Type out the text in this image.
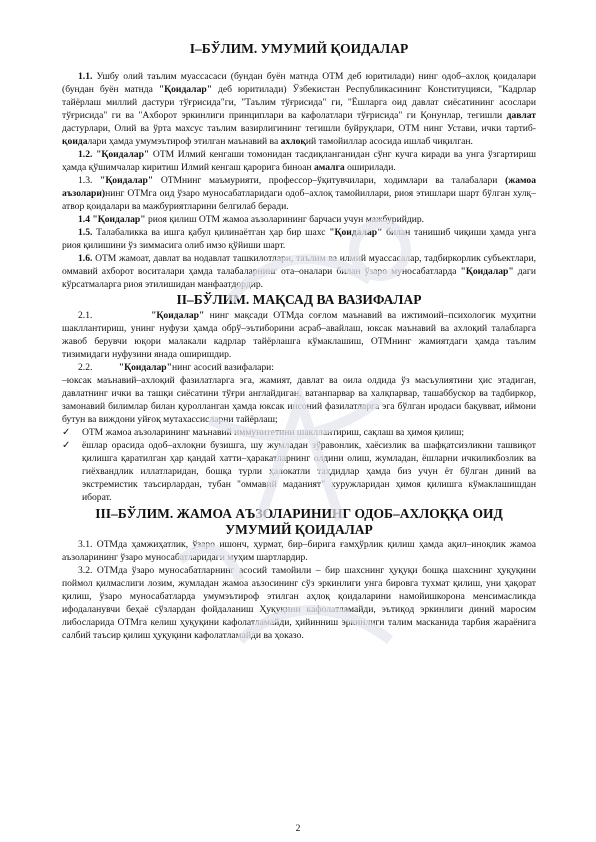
I–БЎЛИМ. УМУМИЙ ҚОИДАЛАР

1.1. Ушбу олий таълим муассасаси (бундан буён матнда ОТМ деб юритилади) нинг одоб–ахлоқ қоидалари (бундан буён матнда "Қоидалар" деб юритилади) Ўзбекистан Республикасининг Конституцияси, "Кадрлар тайёрлаш миллий дастури тўғрисида"ги, "Таълим тўғрисида" ги, "Ёшларга оид давлат сиёсатининг асослари тўғрисида" ги ва "Ахборот эркинлиги принциплари ва кафолатлари тўғрисида" ги Қонунлар, тегишли давлат дастурлари, Олий ва ўрта махсус таълим вазирлигининг тегишли буйруқлари, ОТМ нинг Устави, ички тартиб-қоидалари ҳамда умумэътироф этилган маънавий ва ахлоқий тамойиллар асосида ишлаб чиқилган.

1.2. "Қоидалар" ОТМ Илмий кенгаши томонидан тасдиқланганидан сўнг кучга киради ва унга ўзгартириш ҳамда қўшимчалар киритиш Илмий кенгаш қарорига биноан амалга оширилади.

1.3. "Қоидалар" ОТМнинг маъмурияти, профессор–ўқитувчилари, ходимлари ва талабалари (жамоа аъзолари)нинг ОТМга оид ўзаро муносабатларидаги одоб–ахлоқ тамойиллари, риоя этишлари шарт бўлган хулқ–атвор қоидалари ва мажбуриятларини белгилаб беради.

1.4 "Қоидалар" риоя қилиш ОТМ жамоа аъзоларининг барчаси учун мажбурийдир.

1.5. Талабаликка ва ишга қабул қилинаётган ҳар бир шахс "Қоидалар" билан танишиб чиқиши ҳамда унга риоя қилишини ўз зиммасига олиб имзо қўйиши шарт.

1.6. ОТМ жамоат, давлат ва нодавлат ташкилотлари, таълим ва илмий муассасалар, тадбиркорлик субъектлари, оммавий ахборот воситалари ҳамда талабаларнинг ота–оналари билан ўзаро муносабатларда "Қоидалар" даги кўрсатмаларга риоя этилишидан манфаатдордир.

II–БЎЛИМ. МАҚСАД ВА ВАЗИФАЛАР

2.1.	"Қоидалар" нинг мақсади ОТМда соғлом маънавий ва ижтимоий–психологик муҳитни шакллантириш, унинг нуфузи ҳамда обрў–эътиборини асраб–авайлаш, юксак маънавий ва ахлоқий талабларга жавоб берувчи юқори малакали кадрлар тайёрлашга кўмаклашиш, ОТМнинг жамиятдаги ҳамда таълим тизимидаги нуфузини янада оширишдир.

2.2.	"Қоидалар"нинг асосий вазифалари:

–юксак маънавий–ахлоқий фазилатларга эга, жамият, давлат ва оила олдида ўз масъулиятини ҳис этадиган, давлатнинг ички ва ташқи сиёсатини тўғри англайдиган, ватанпарвар ва халқпарвар, ташаббускор ва тадбиркор, замонавий билимлар билан қуролланган ҳамда юксак инсоний фазилатларга эга бўлган иродаси бақувват, иймони бутун ва виждони уйғоқ мутахассисларни тайёрлаш;

✓	ОТМ жамоа аъзоларининг маънавий иммунитетини шакллантириш, сақлаш ва ҳимоя қилиш;
✓	ёшлар орасида одоб–ахлоқни бузишга, шу жумладан зўравонлик, хаёсизлик ва шафқатсизликни ташвиқот қилишга қаратилган ҳар қандай хатти–ҳаракатларнинг олдини олиш, жумладан, ёшларни ичкиликбозлик ва гиёхвандлик иллатларидан, бошқа турли ҳалокатли таҳдидлар ҳамда биз учун ёт бўлган диний ва экстремистик таъсирлардан, тубан "оммавий маданият" хуружларидан ҳимоя қилишга кўмаклашишдан иборат.
III–БЎЛИМ. ЖАМОА АЪЗОЛАРИНИНГ ОДОБ–АХЛОҚҚА ОИД
УМУМИЙ ҚОИДАЛАР

3.1. ОТМда ҳамжиҳатлик, ўзаро ишонч, ҳурмат, бир–бирига ғамҳўрлик қилиш ҳамда ақил–инoқлик жамоа аъзоларининг ўзаро муносабатларидаги муҳим шартлардир.

3.2. ОТМда ўзаро муносабатларнинг асосий тамойили – бир шахснинг ҳуқуқи бошқа шахснинг ҳуқуқини поймол қилмаслиги лозим, жумладан жамоа аъзоcининг сўз эркинлиги унга бировга тухмат қилиш, уни ҳақорат қилиш, ўзаро муносабатларда умумэътироф этилган аҳлоқ қоидаларини намойишкорона менсимасликда ифодаланувчи беҳаё сўзлардан фойдаланиш Ҳуқуқини кафолатламайди, эътиқод эркинлиги диний маросим либосларида ОТМга келиш ҳуқуқини кафолатламайди, ҳийинниш эркинлиги талим масканида тарбия жараёнига салбий таъсир қилиш ҳуқуқини кафолатламайди ва ҳоказо.

2
